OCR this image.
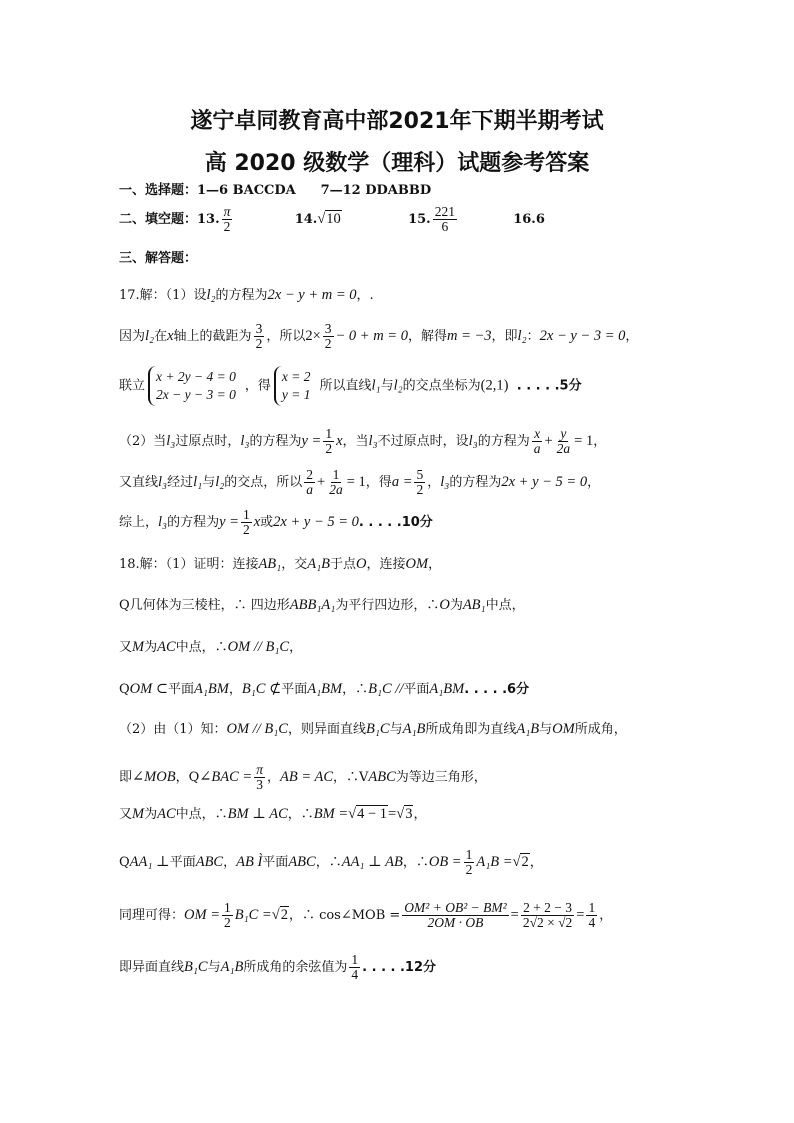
遂宁卓同教育高中部2021年下期半期考试
高 2020 级数学（理科）试题参考答案
一、选择题：1—6 BACCDA 7—12 DDABBD
二、填空题：13. $\frac{\pi}{2}$	14.√10	15. $\frac{221}{6}$	16.6
三、解答题：
17.解：（1）设l₂的方程为2x − y + m = 0，.
因为l₂在x轴上的截距为 $\frac{3}{2}$ ，所以$2\times \frac{3}{2} - 0 + m = 0$，解得m = −3，即l₂：2x − y − 3 = 0，
联立
x + 2y − 4 = 0
2x − y − 3 = 0
，得
x = 2
y = 1
所以直线l₁与l₂的交点坐标为(2,1) . . . . .5分
（2）当l₃过原点时，l₃的方程为$y = \frac{1}{2}$ x，当l₃不过原点时，设l₃的方程为 $\frac{x}{a} + \frac{y}{2a} = 1$，
又直线l₃经过l₁与l₂的交点，所以 $\frac{2}{a} + \frac{1}{2a} = 1$，得$a = \frac{5}{2}$ ，l₃的方程为2x + y − 5 = 0，
综上，l₃的方程为$y = \frac{1}{2}$ x或2x + y − 5 = 0. . . . .10分
18.解：（1）证明：连接AB₁，交A₁B于点O，连接OM，
Q几何体为三棱柱，∴ 四边形ABB₁A₁为平行四边形，∴O为AB₁中点，
又M为AC中点，∴OM // B₁C，
QOM ⊂平面A₁BM，B₁C ⊄平面A₁BM，∴B₁C //平面A₁BM. . . . .6分
（2）由（1）知：OM // B₁C，则异面直线B₁C与A₁B所成角即为直线A₁B与OM所成角，
即∠MOB，Q∠BAC = $\frac{\pi}{3}$ ，AB = AC，∴VABC为等边三角形，
又M为AC中点，∴BM ⊥ AC，∴BM =√4 − 1=√3，
QAA₁ ⊥平面ABC，AB Ì平面ABC，∴AA₁ ⊥ AB，∴OB = $\frac{1}{2} A_1B =√2$，
同理可得：OM = $\frac{1}{2} B_1C =√2$，∴ cos∠MOB = $\frac{\text{OM² + OB² − BM²}}{2OM \cdot OB} = \frac{2 + 2 - 3}{2√2 \times √2} = \frac{1}{4}$ ，
即异面直线B₁C与A₁B所成角的余弦值为 $\frac{1}{4}$ . . . . .12分
